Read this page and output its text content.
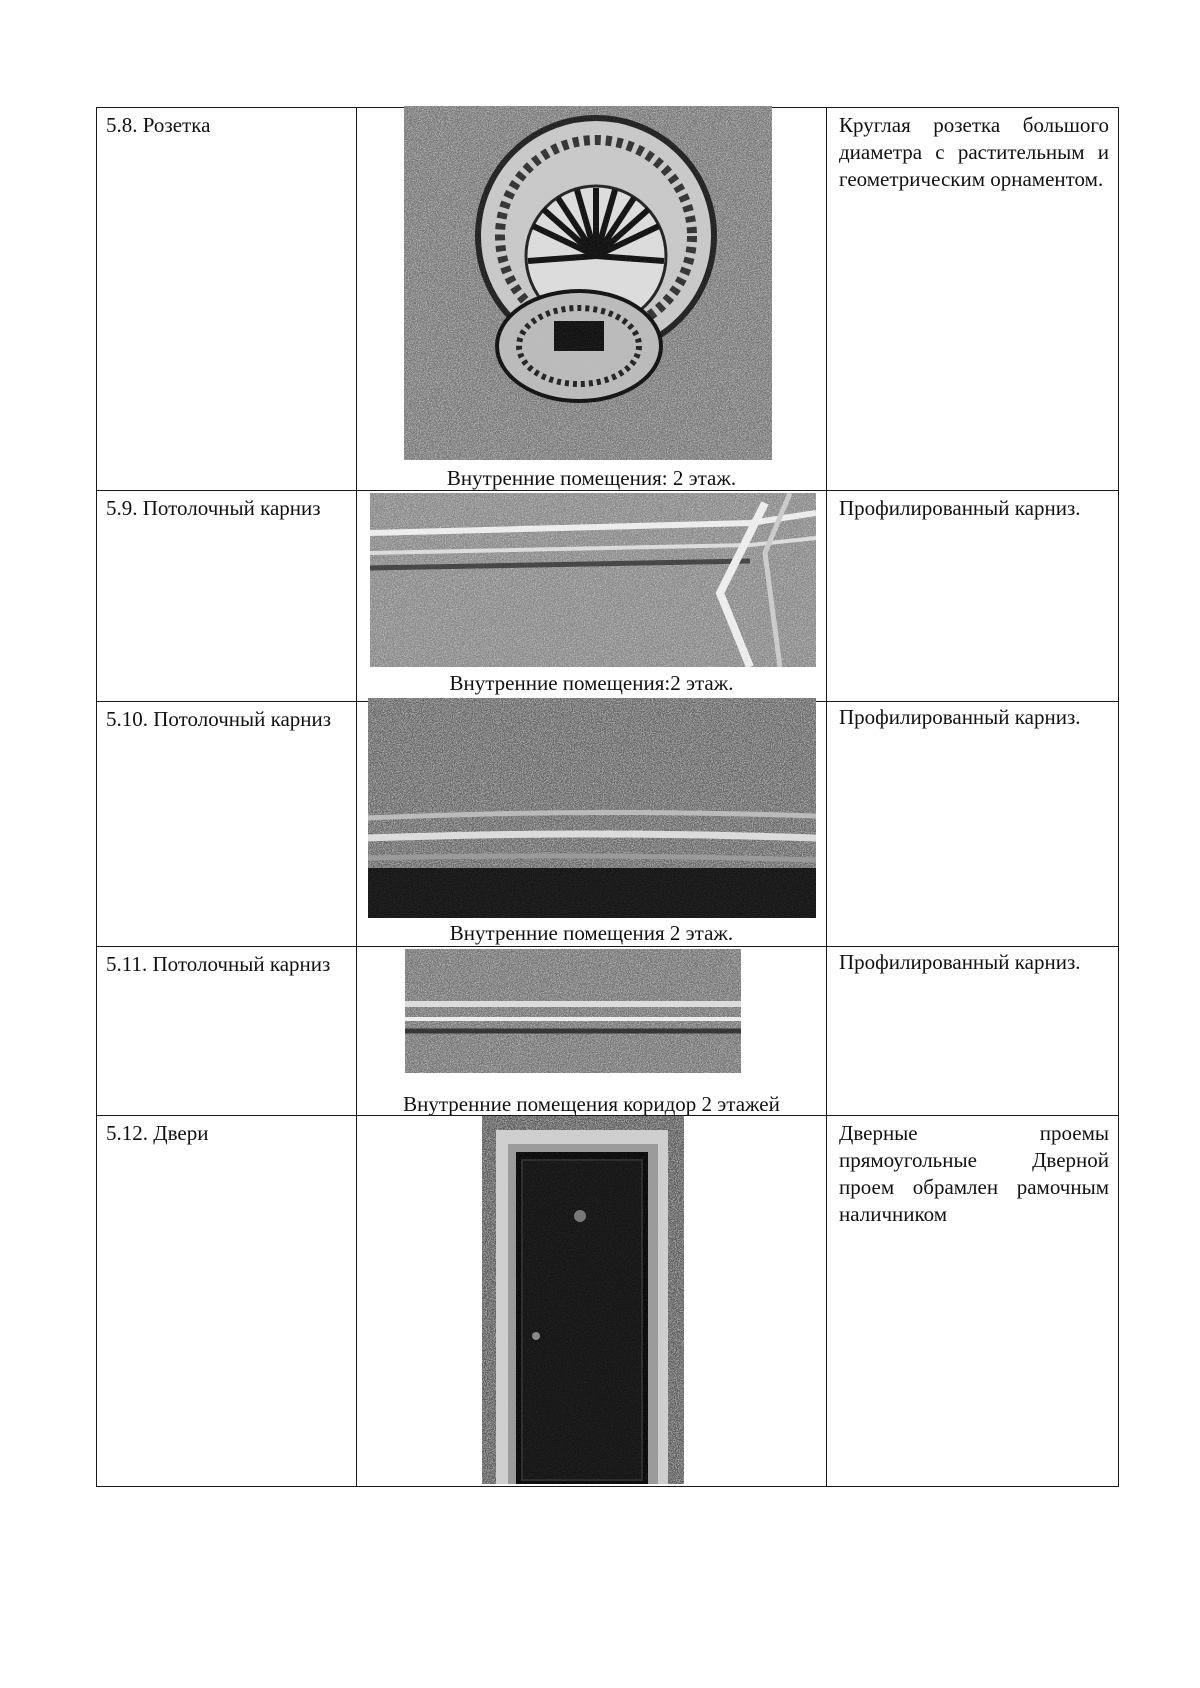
5.8. Розетка	Внутренние помещения: 2 этаж.	Круглая розетка большого диаметра с растительным и геометрическим орнаментом.

5.9. Потолочный карниз	Внутренние помещения:2 этаж.	Профилированный карниз.

5.10. Потолочный карниз	Внутренние помещения 2 этаж.	Профилированный карниз.

5.11. Потолочный карниз	Внутренние помещения коридор 2 этажей	Профилированный карниз.

5.12. Двери		Дверные проемы прямоугольные Дверной проем обрамлен рамочным наличником
